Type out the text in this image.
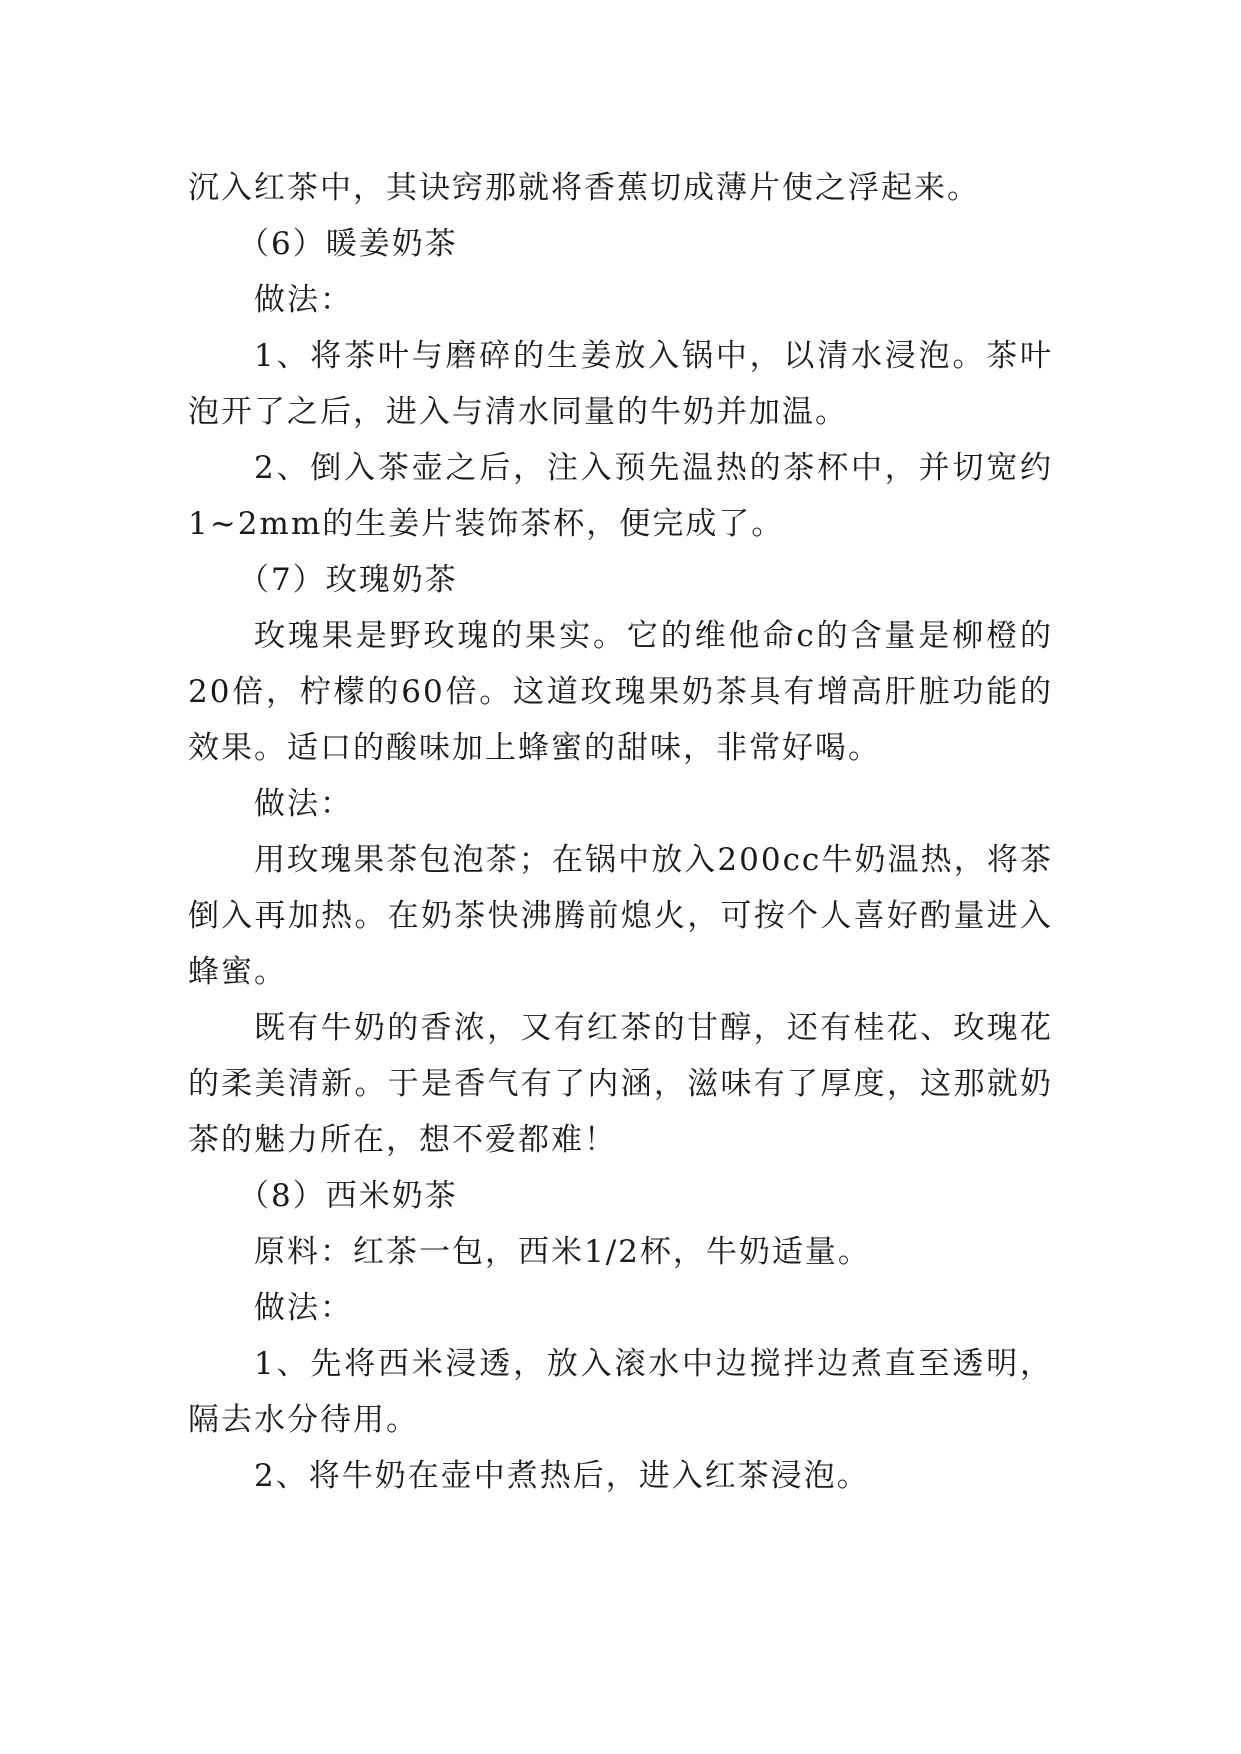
沉入红茶中，其诀窍那就将香蕉切成薄片使之浮起来。

（6）暖姜奶茶

做法：

1、将茶叶与磨碎的生姜放入锅中，以清水浸泡。茶叶泡开了之后，进入与清水同量的牛奶并加温。

2、倒入茶壶之后，注入预先温热的茶杯中，并切宽约1~2mm的生姜片装饰茶杯，便完成了。

（7）玫瑰奶茶

玫瑰果是野玫瑰的果实。它的维他命c的含量是柳橙的20倍，柠檬的60倍。这道玫瑰果奶茶具有增高肝脏功能的效果。适口的酸味加上蜂蜜的甜味，非常好喝。

做法：

用玫瑰果茶包泡茶；在锅中放入200cc牛奶温热，将茶倒入再加热。在奶茶快沸腾前熄火，可按个人喜好酌量进入蜂蜜。

既有牛奶的香浓，又有红茶的甘醇，还有桂花、玫瑰花的柔美清新。于是香气有了内涵，滋味有了厚度，这那就奶茶的魅力所在，想不爱都难！

（8）西米奶茶

原料：红茶一包，西米1/2杯，牛奶适量。

做法：

1、先将西米浸透，放入滚水中边搅拌边煮直至透明，隔去水分待用。

2、将牛奶在壶中煮热后，进入红茶浸泡。
